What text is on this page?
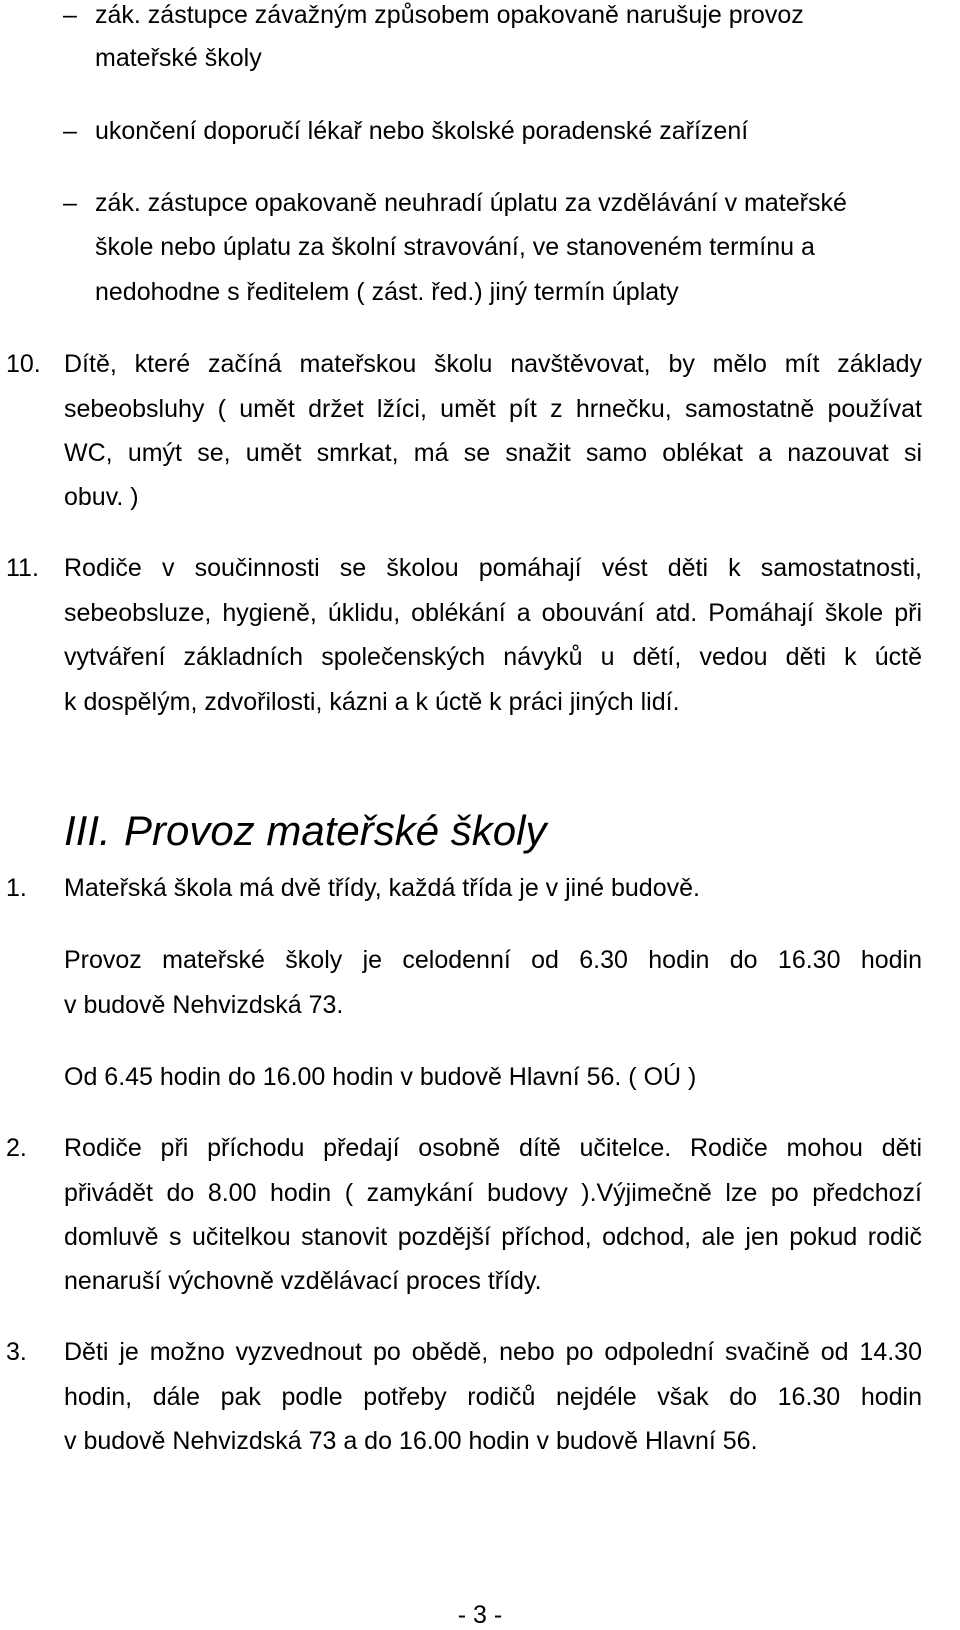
– zák. zástupce závažným způsobem opakovaně narušuje provoz
mateřské školy
– ukončení doporučí lékař nebo školské poradenské zařízení
– zák. zástupce opakovaně neuhradí úplatu za vzdělávání v mateřské
škole nebo úplatu za školní stravování, ve stanoveném termínu a
nedohodne s ředitelem ( zást. řed.) jiný termín úplaty
10. Dítě, které začíná mateřskou školu navštěvovat, by mělo mít základy
sebeobsluhy ( umět držet lžíci, umět pít z hrnečku, samostatně používat
WC, umýt se, umět smrkat, má se snažit samo oblékat a nazouvat si
obuv. )
11. Rodiče v součinnosti se školou pomáhají vést děti k samostatnosti,
sebeobsluze, hygieně, úklidu, oblékání a obouvání atd. Pomáhají škole při
vytváření základních společenských návyků u dětí, vedou děti k úctě
k dospělým, zdvořilosti, kázni a k úctě k práci jiných lidí.
III. Provoz mateřské školy
1. Mateřská škola má dvě třídy, každá třída je v jiné budově.
Provoz mateřské školy je celodenní od 6.30 hodin do 16.30 hodin
v budově Nehvizdská 73.
Od 6.45 hodin do 16.00 hodin v budově Hlavní 56. ( OÚ )
2. Rodiče při příchodu předají osobně dítě učitelce. Rodiče mohou děti
přivádět do 8.00 hodin ( zamykání budovy ).Výjimečně lze po předchozí
domluvě s učitelkou stanovit pozdější příchod, odchod, ale jen pokud rodič
nenaruší výchovně vzdělávací proces třídy.
3. Děti je možno vyzvednout po obědě, nebo po odpolední svačině od 14.30
hodin, dále pak podle potřeby rodičů nejdéle však do 16.30 hodin
v budově Nehvizdská 73 a do 16.00 hodin v budově Hlavní 56.
- 3 -
